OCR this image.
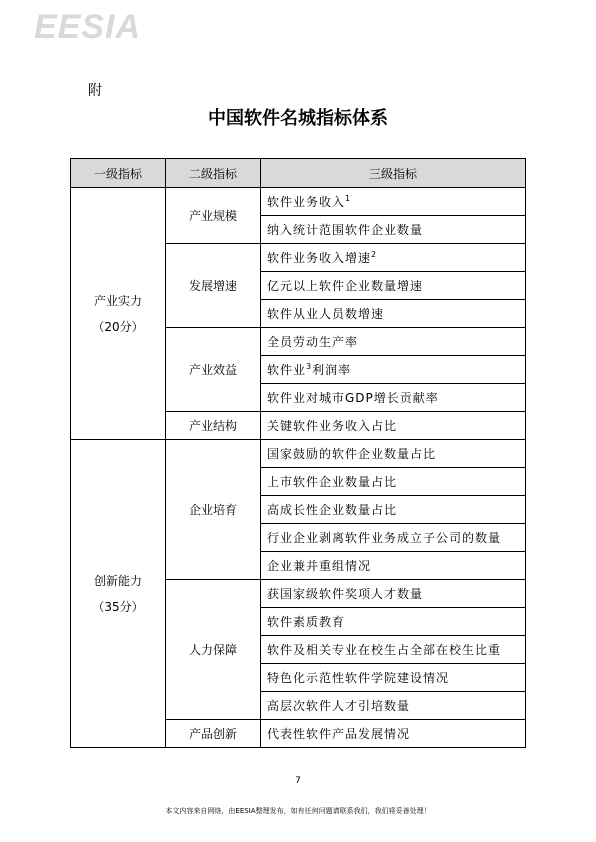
EESIA
附
中国软件名城指标体系
一级指标	二级指标	三级指标

产业实力
（20分）	产业规模	软件业务收入$^1$
		纳入统计范围软件企业数量
	发展增速	软件业务收入增速$^2$
		亿元以上软件企业数量增速
		软件从业人员数增速
	产业效益	全员劳动生产率
		软件业$^3$利润率
		软件业对城市GDP增长贡献率
	产业结构	关键软件业务收入占比

创新能力
（35分）	企业培育	国家鼓励的软件企业数量占比
		上市软件企业数量占比
		高成长性企业数量占比
		行业企业剥离软件业务成立子公司的数量
		企业兼并重组情况
	人力保障	获国家级软件奖项人才数量
		软件素质教育
		软件及相关专业在校生占全部在校生比重
		特色化示范性软件学院建设情况
		高层次软件人才引培数量
	产品创新	代表性软件产品发展情况
7
本文内容来自网络，由EESIA整理发布，如有任何问题请联系我们，我们将妥善处理！
